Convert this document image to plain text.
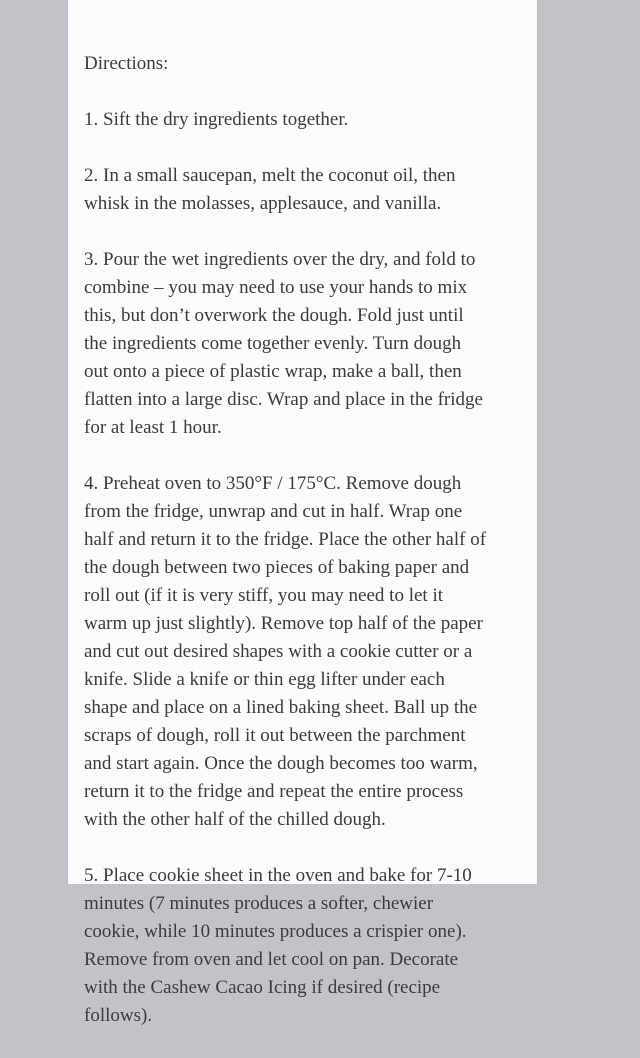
Directions:

1. Sift the dry ingredients together.

2. In a small saucepan, melt the coconut oil, then
whisk in the molasses, applesauce, and vanilla.

3. Pour the wet ingredients over the dry, and fold to
combine – you may need to use your hands to mix
this, but don’t overwork the dough. Fold just until
the ingredients come together evenly. Turn dough
out onto a piece of plastic wrap, make a ball, then
flatten into a large disc. Wrap and place in the fridge
for at least 1 hour.

4. Preheat oven to 350°F / 175°C. Remove dough
from the fridge, unwrap and cut in half. Wrap one
half and return it to the fridge. Place the other half of
the dough between two pieces of baking paper and
roll out (if it is very stiff, you may need to let it
warm up just slightly). Remove top half of the paper
and cut out desired shapes with a cookie cutter or a
knife. Slide a knife or thin egg lifter under each
shape and place on a lined baking sheet. Ball up the
scraps of dough, roll it out between the parchment
and start again. Once the dough becomes too warm,
return it to the fridge and repeat the entire process
with the other half of the chilled dough.

5. Place cookie sheet in the oven and bake for 7-10
minutes (7 minutes produces a softer, chewier
cookie, while 10 minutes produces a crispier one).
Remove from oven and let cool on pan. Decorate
with the Cashew Cacao Icing if desired (recipe
follows).
